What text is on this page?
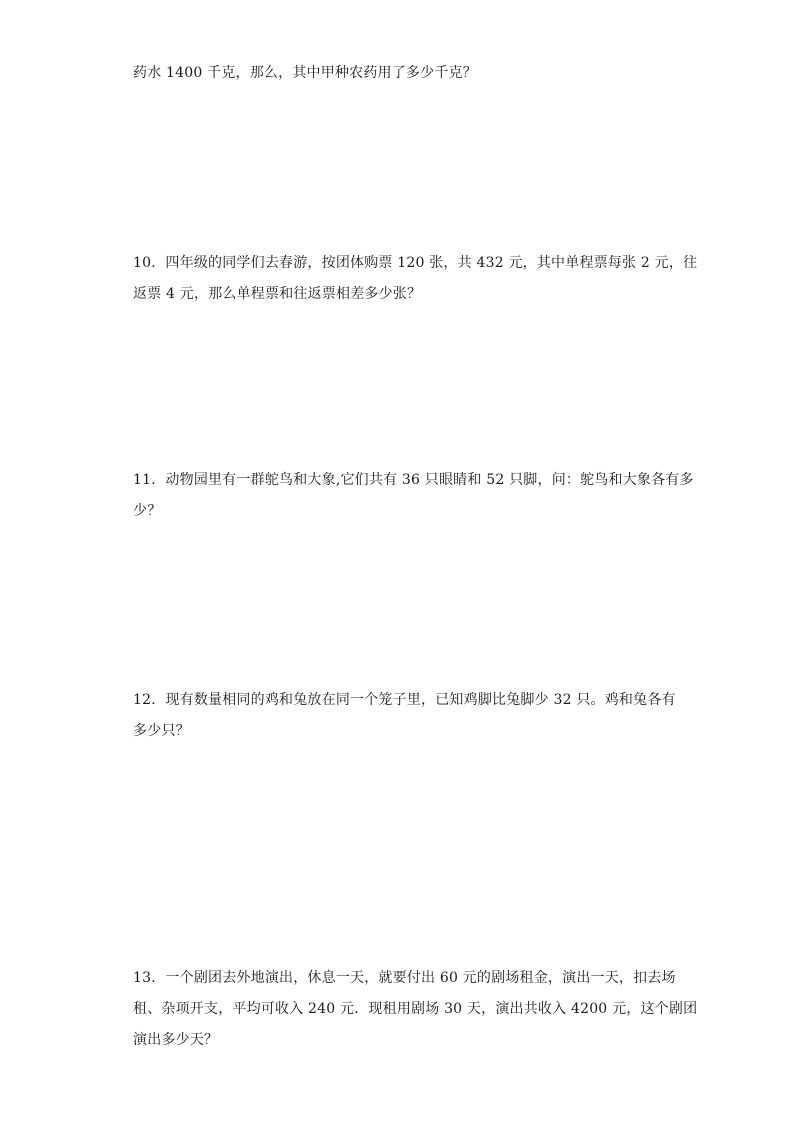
药水 1400 千克，那么，其中甲种农药用了多少千克？
10．四年级的同学们去春游，按团体购票 120 张，共 432 元，其中单程票每张 2 元，往
返票 4 元，那么单程票和往返票相差多少张？
11．动物园里有一群鸵鸟和大象,它们共有 36 只眼睛和 52 只脚，问：鸵鸟和大象各有多
少？
12．现有数量相同的鸡和兔放在同一个笼子里，已知鸡脚比兔脚少 32 只。鸡和兔各有
多少只？
13．一个剧团去外地演出，休息一天，就要付出 60 元的剧场租金，演出一天，扣去场
租、杂项开支，平均可收入 240 元．现租用剧场 30 天，演出共收入 4200 元，这个剧团
演出多少天？
